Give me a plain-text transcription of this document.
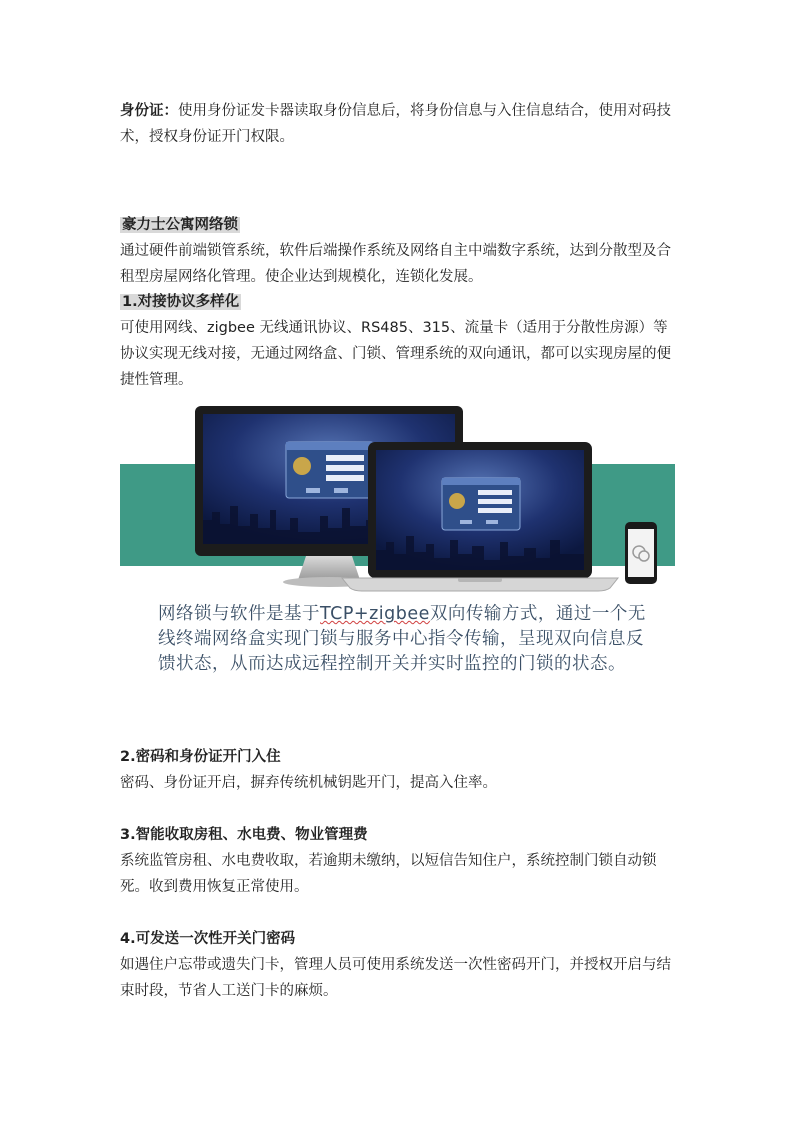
身份证：使用身份证发卡器读取身份信息后，将身份信息与入住信息结合，使用对码技术，授权身份证开门权限。

豪力士公寓网络锁

通过硬件前端锁管系统，软件后端操作系统及网络自主中端数字系统，达到分散型及合租型房屋网络化管理。使企业达到规模化，连锁化发展。

1.对接协议多样化

可使用网线、zigbee 无线通讯协议、RS485、315、流量卡（适用于分散性房源）等协议实现无线对接，无通过网络盒、门锁、管理系统的双向通讯，都可以实现房屋的便捷性管理。

网络锁与软件是基于TCP+zigbee双向传输方式，通过一个无线终端网络盒实现门锁与服务中心指令传输，呈现双向信息反馈状态，从而达成远程控制开关并实时监控的门锁的状态。

2.密码和身份证开门入住

密码、身份证开启，摒弃传统机械钥匙开门，提高入住率。

3.智能收取房租、水电费、物业管理费

系统监管房租、水电费收取，若逾期未缴纳，以短信告知住户，系统控制门锁自动锁死。收到费用恢复正常使用。

4.可发送一次性开关门密码

如遇住户忘带或遗失门卡，管理人员可使用系统发送一次性密码开门，并授权开启与结束时段，节省人工送门卡的麻烦。
